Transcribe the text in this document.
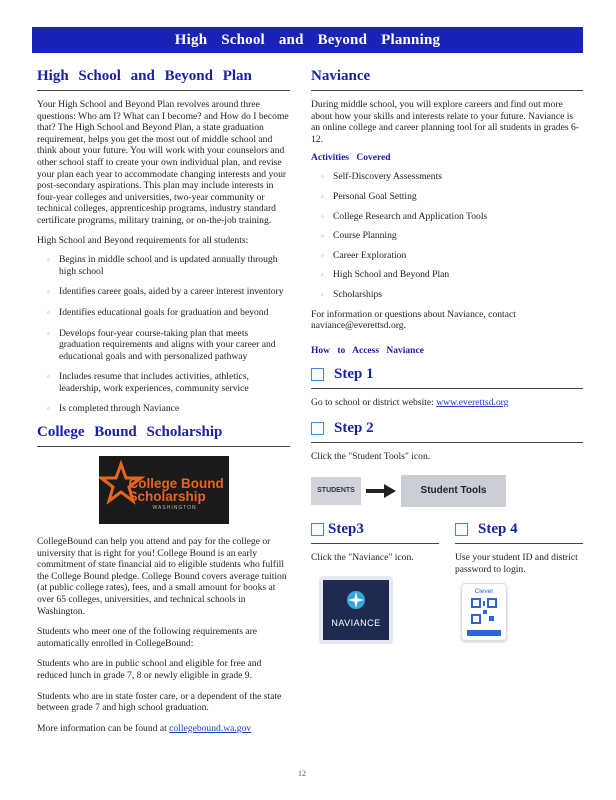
High School and Beyond Planning
High School and Beyond Plan

Your High School and Beyond Plan revolves around three questions: Who am I? What can I become? and How do I become that? The High School and Beyond Plan, a state graduation requirement, helps you get the most out of middle school and think about your future. You will work with your counselors and other school staff to create your own individual plan, and revise your plan each year to accommodate changing interests and your post-secondary aspirations. This plan may include interests in four-year colleges and universities, two-year community or technical colleges, apprenticeship programs, industry standard certificate programs, military training, or on-the-job training.

High School and Beyond requirements for all students:

◦ Begins in middle school and is updated annually through high school
◦ Identifies career goals, aided by a career interest inventory
◦ Identifies educational goals for graduation and beyond
◦ Develops four-year course-taking plan that meets graduation requirements and aligns with your career and educational goals and with personalized pathway
◦ Includes resume that includes activities, athletics, leadership, work experiences, community service
◦ Is completed through Naviance
College Bound Scholarship
College Bound
Scholarship
WASHINGTON

CollegeBound can help you attend and pay for the college or university that is right for you! College Bound is an early commitment of state financial aid to eligible students who fulfill the College Bound pledge. College Bound covers average tuition (at public college rates), fees, and a small amount for books at over 65 colleges, universities, and technical schools in Washington.

Students who meet one of the following requirements are automatically enrolled in CollegeBound:

Students who are in public school and eligible for free and reduced lunch in grade 7, 8 or newly eligible in grade 9.

Students who are in state foster care, or a dependent of the state between grade 7 and high school graduation.

More information can be found at collegebound.wa.gov

Naviance

During middle school, you will explore careers and find out more about how your skills and interests relate to your future. Naviance is an online college and career planning tool for all students in grades 6-12.

Activities Covered
◦ Self-Discovery Assessments
◦ Personal Goal Setting
◦ College Research and Application Tools
◦ Course Planning
◦ Career Exploration
◦ High School and Beyond Plan
◦ Scholarships

For information or questions about Naviance, contact naviance@everettsd.org.

How to Access Naviance
Step 1

Go to school or district website: www.everettsd.org

Step 2

Click the "Student Tools" icon.

STUDENTS	Student Tools
Step3

Click the "Naviance" icon.

NAVIANCE
Step 4

Use your student ID and district password to login.

Clever
12
